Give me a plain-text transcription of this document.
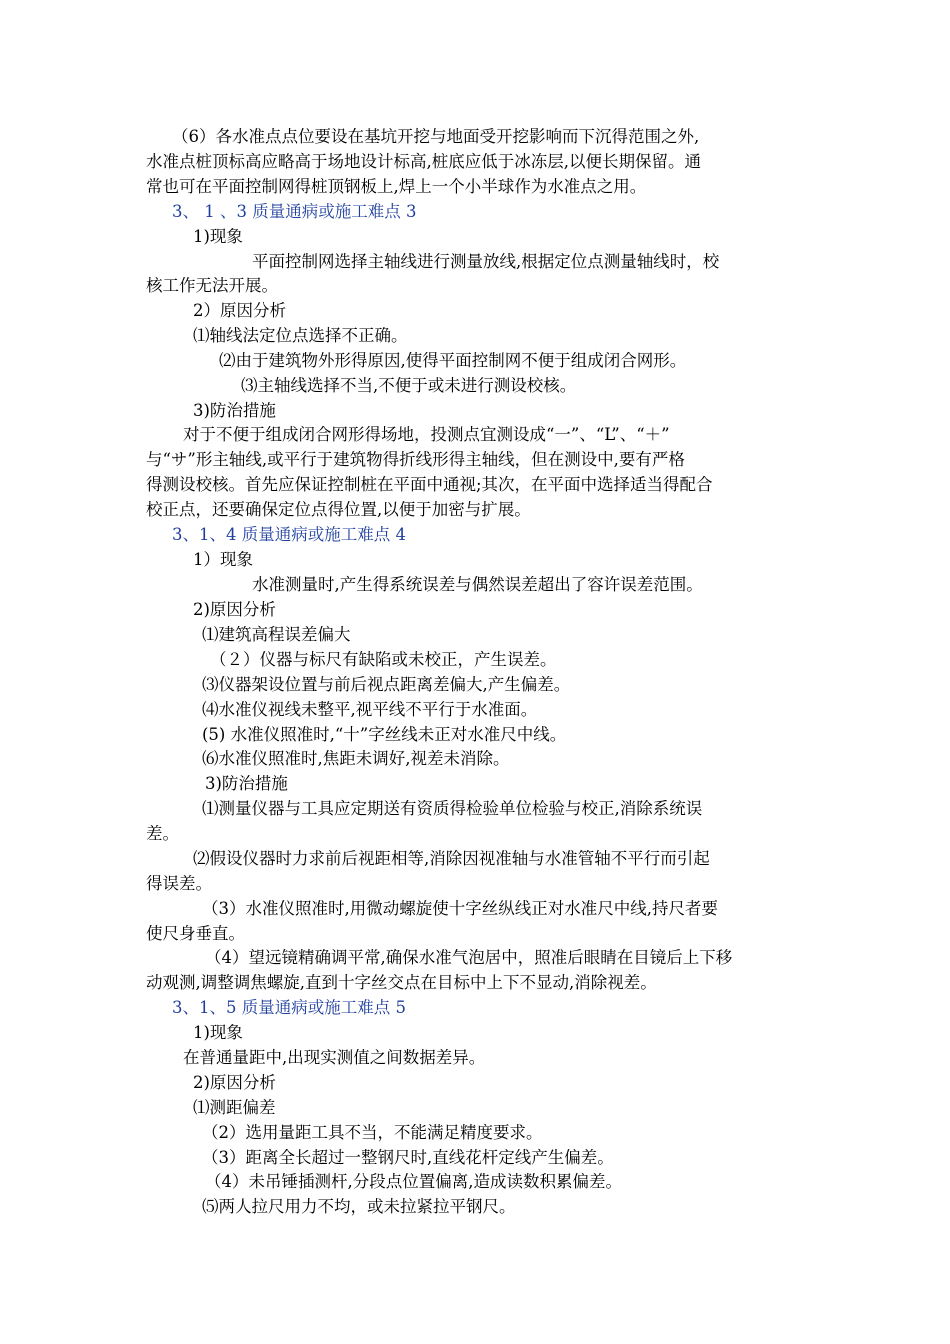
（6）各水准点点位要设在基坑开挖与地面受开挖影响而下沉得范围之外,
水准点桩顶标高应略高于场地设计标高,桩底应低于冰冻层,以便长期保留。通
常也可在平面控制网得桩顶钢板上,焊上一个小半球作为水准点之用。
3、 1 、3 质量通病或施工难点 3
1)现象
平面控制网选择主轴线进行测量放线,根据定位点测量轴线时，校
核工作无法开展。
2）原因分析
⑴轴线法定位点选择不正确。
⑵由于建筑物外形得原因,使得平面控制网不便于组成闭合网形。
⑶主轴线选择不当,不便于或未进行测设校核。
3)防治措施
对于不便于组成闭合网形得场地，投测点宜测设成“一”、“L”、“＋”
与“サ”形主轴线,或平行于建筑物得折线形得主轴线，但在测设中,要有严格
得测设校核。首先应保证控制桩在平面中通视;其次，在平面中选择适当得配合
校正点，还要确保定位点得位置,以便于加密与扩展。
3、1、4 质量通病或施工难点 4
1）现象
水准测量时,产生得系统误差与偶然误差超出了容许误差范围。
2)原因分析
⑴建筑高程误差偏大
（２）仪器与标尺有缺陷或未校正，产生误差。
⑶仪器架设位置与前后视点距离差偏大,产生偏差。
⑷水准仪视线未整平,视平线不平行于水准面。
(5) 水准仪照准时,“十”字丝线未正对水准尺中线。
⑹水准仪照准时,焦距未调好,视差未消除。
3)防治措施
⑴测量仪器与工具应定期送有资质得检验单位检验与校正,消除系统误
差。
⑵假设仪器时力求前后视距相等,消除因视准轴与水准管轴不平行而引起
得误差。
（3）水准仪照准时,用微动螺旋使十字丝纵线正对水准尺中线,持尺者要
使尺身垂直。
（4）望远镜精确调平常,确保水准气泡居中，照准后眼睛在目镜后上下移
动观测,调整调焦螺旋,直到十字丝交点在目标中上下不显动,消除视差。
3、1、5 质量通病或施工难点 5
1)现象
在普通量距中,出现实测值之间数据差异。
2)原因分析
⑴测距偏差
（2）选用量距工具不当，不能满足精度要求。
（3）距离全长超过一整钢尺时,直线花杆定线产生偏差。
（4）未吊锤插测杆,分段点位置偏离,造成读数积累偏差。
⑸两人拉尺用力不均，或未拉紧拉平钢尺。
